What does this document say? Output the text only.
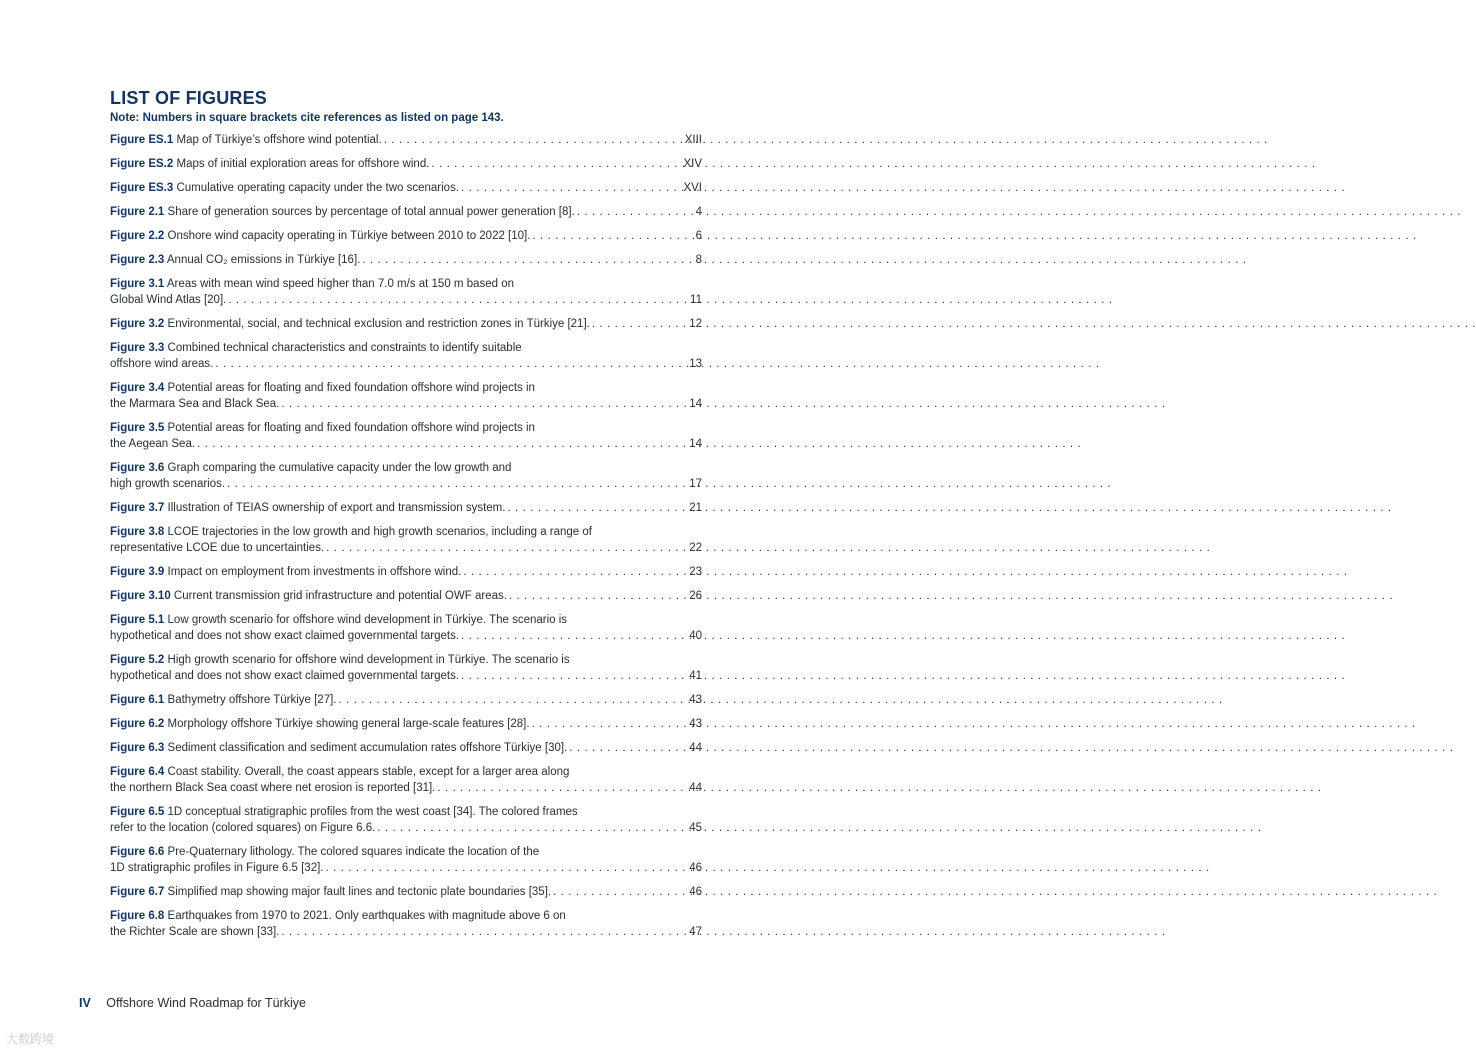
LIST OF FIGURES

Note: Numbers in square brackets cite references as listed on page 143.

Figure ES.1 Map of Türkiye’s offshore wind potential. . . .	XIII
Figure ES.2 Maps of initial exploration areas for offshore wind. . . .	XIV
Figure ES.3 Cumulative operating capacity under the two scenarios. . . .	XVI
Figure 2.1 Share of generation sources by percentage of total annual power generation [8]. . . .	4
Figure 2.2 Onshore wind capacity operating in Türkiye between 2010 to 2022 [10]. . . .	6
Figure 2.3 Annual CO₂ emissions in Türkiye [16]. . . .	8
Figure 3.1 Areas with mean wind speed higher than 7.0 m/s at 150 m based on
Global Wind Atlas [20]. . . .	11
Figure 3.2 Environmental, social, and technical exclusion and restriction zones in Türkiye [21]. . . .	12
Figure 3.3 Combined technical characteristics and constraints to identify suitable
offshore wind areas. . . .	13
Figure 3.4 Potential areas for floating and fixed foundation offshore wind projects in
the Marmara Sea and Black Sea. . . .	14
Figure 3.5 Potential areas for floating and fixed foundation offshore wind projects in
the Aegean Sea. . . .	14
Figure 3.6 Graph comparing the cumulative capacity under the low growth and
high growth scenarios. . . .	17
Figure 3.7 Illustration of TEIAS ownership of export and transmission system. . . .	21
Figure 3.8 LCOE trajectories in the low growth and high growth scenarios, including a range of
representative LCOE due to uncertainties. . . .	22
Figure 3.9 Impact on employment from investments in offshore wind. . . .	23
Figure 3.10 Current transmission grid infrastructure and potential OWF areas. . . .	26
Figure 5.1 Low growth scenario for offshore wind development in Türkiye. The scenario is
hypothetical and does not show exact claimed governmental targets. . . .	40
Figure 5.2 High growth scenario for offshore wind development in Türkiye. The scenario is
hypothetical and does not show exact claimed governmental targets. . . .	41
Figure 6.1 Bathymetry offshore Türkiye [27]. . . .	43
Figure 6.2 Morphology offshore Türkiye showing general large-scale features [28]. . . .	43
Figure 6.3 Sediment classification and sediment accumulation rates offshore Türkiye [30]. . . .	44
Figure 6.4 Coast stability. Overall, the coast appears stable, except for a larger area along
the northern Black Sea coast where net erosion is reported [31]. . . .	44
Figure 6.5 1D conceptual stratigraphic profiles from the west coast [34]. The colored frames
refer to the location (colored squares) on Figure 6.6. . . .	45
Figure 6.6 Pre-Quaternary lithology. The colored squares indicate the location of the
1D stratigraphic profiles in Figure 6.5 [32]. . . .	46
Figure 6.7 Simplified map showing major fault lines and tectonic plate boundaries [35]. . . .	46
Figure 6.8 Earthquakes from 1970 to 2021. Only earthquakes with magnitude above 6 on
the Richter Scale are shown [33]. . . .	47
IV Offshore Wind Roadmap for Türkiye
大数跨境
